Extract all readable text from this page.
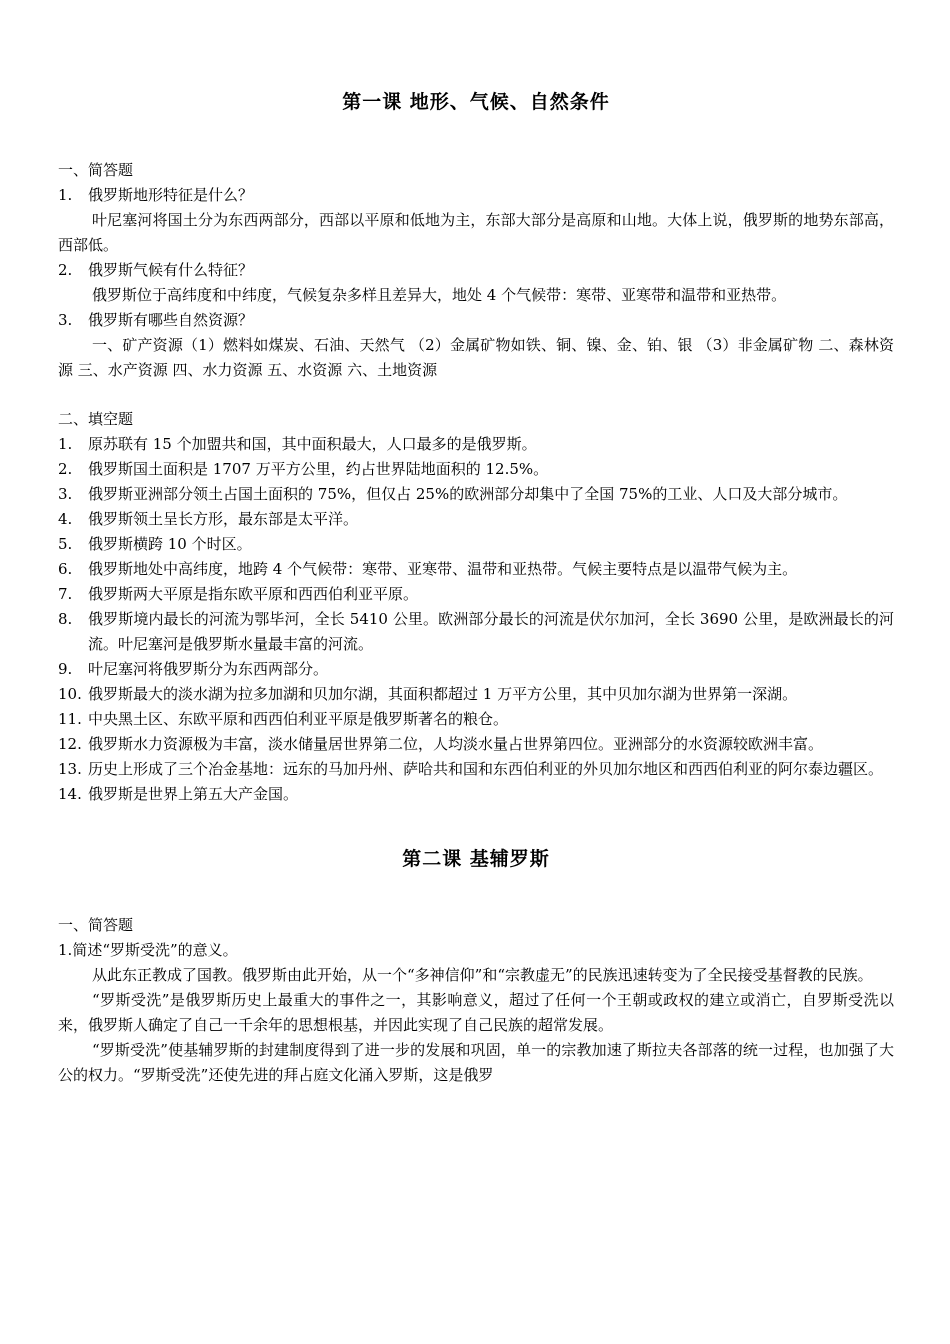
第一课 地形、气候、自然条件

一、简答题

1.	俄罗斯地形特征是什么？

叶尼塞河将国土分为东西两部分，西部以平原和低地为主，东部大部分是高原和山地。大体上说，俄罗斯的地势东部高，西部低。

2.	俄罗斯气候有什么特征？

俄罗斯位于高纬度和中纬度，气候复杂多样且差异大，地处 4 个气候带：寒带、亚寒带和温带和亚热带。

3.	俄罗斯有哪些自然资源？

一、矿产资源（1）燃料如煤炭、石油、天然气 （2）金属矿物如铁、铜、镍、金、铂、银 （3）非金属矿物 二、森林资源 三、水产资源 四、水力资源 五、水资源 六、土地资源

二、填空题

1.	原苏联有 15 个加盟共和国，其中面积最大，人口最多的是俄罗斯。

2.	俄罗斯国土面积是 1707 万平方公里，约占世界陆地面积的 12.5%。

3.	俄罗斯亚洲部分领土占国土面积的 75%，但仅占 25%的欧洲部分却集中了全国 75%的工业、人口及大部分城市。

4.	俄罗斯领土呈长方形，最东部是太平洋。

5.	俄罗斯横跨 10 个时区。

6.	俄罗斯地处中高纬度，地跨 4 个气候带：寒带、亚寒带、温带和亚热带。气候主要特点是以温带气候为主。

7.	俄罗斯两大平原是指东欧平原和西西伯利亚平原。

8.	俄罗斯境内最长的河流为鄂毕河，全长 5410 公里。欧洲部分最长的河流是伏尔加河，全长 3690 公里，是欧洲最长的河流。叶尼塞河是俄罗斯水量最丰富的河流。

9.	叶尼塞河将俄罗斯分为东西两部分。

10. 俄罗斯最大的淡水湖为拉多加湖和贝加尔湖，其面积都超过 1 万平方公里，其中贝加尔湖为世界第一深湖。

11. 中央黑土区、东欧平原和西西伯利亚平原是俄罗斯著名的粮仓。

12. 俄罗斯水力资源极为丰富，淡水储量居世界第二位，人均淡水量占世界第四位。亚洲部分的水资源较欧洲丰富。

13. 历史上形成了三个冶金基地：远东的马加丹州、萨哈共和国和东西伯利亚的外贝加尔地区和西西伯利亚的阿尔泰边疆区。

14. 俄罗斯是世界上第五大产金国。

第二课 基辅罗斯

一、简答题

1. 简述“罗斯受洗”的意义。

从此东正教成了国教。俄罗斯由此开始，从一个“多神信仰”和“宗教虚无”的民族迅速转变为了全民接受基督教的民族。

“罗斯受洗”是俄罗斯历史上最重大的事件之一，其影响意义，超过了任何一个王朝或政权的建立或消亡，自罗斯受洗以来，俄罗斯人确定了自己一千余年的思想根基，并因此实现了自己民族的超常发展。

“罗斯受洗”使基辅罗斯的封建制度得到了进一步的发展和巩固，单一的宗教加速了斯拉夫各部落的统一过程，也加强了大公的权力。“罗斯受洗”还使先进的拜占庭文化涌入罗斯，这是俄罗
